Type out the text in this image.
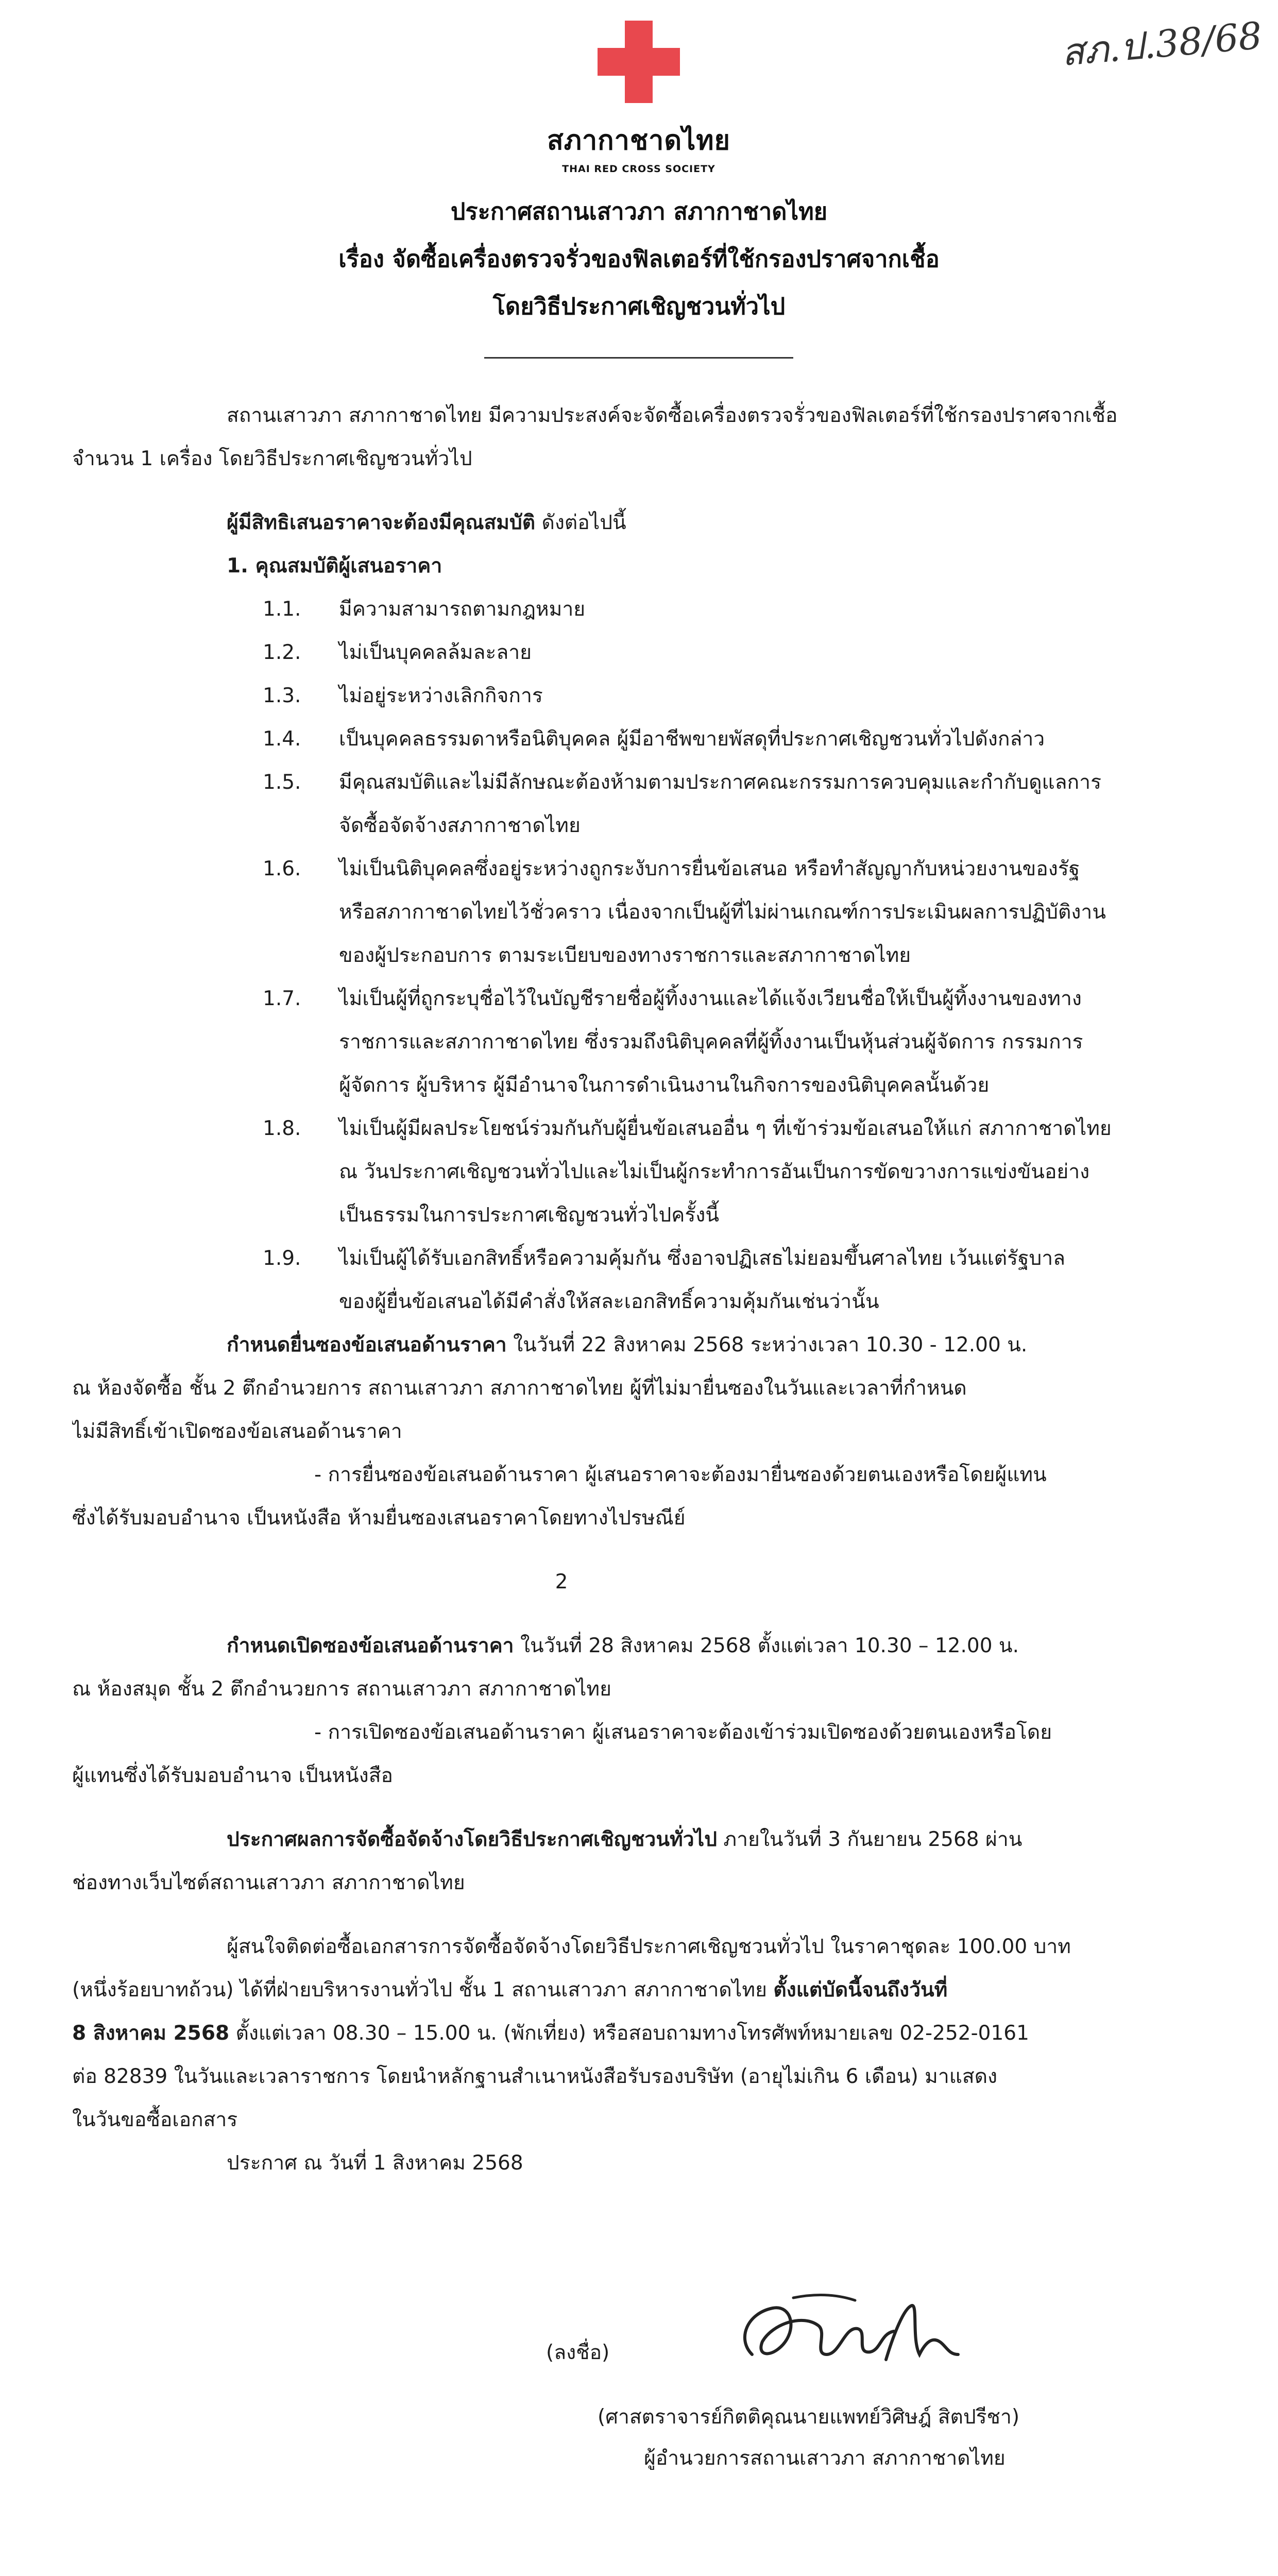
สภ.ป.38/68
สภากาชาดไทย
THAI RED CROSS SOCIETY
ประกาศสถานเสาวภา สภากาชาดไทย
เรื่อง จัดซื้อเครื่องตรวจรั่วของฟิลเตอร์ที่ใช้กรองปราศจากเชื้อ
โดยวิธีประกาศเชิญชวนทั่วไป
สถานเสาวภา สภากาชาดไทย มีความประสงค์จะจัดซื้อเครื่องตรวจรั่วของฟิลเตอร์ที่ใช้กรองปราศจากเชื้อ
จำนวน 1 เครื่อง โดยวิธีประกาศเชิญชวนทั่วไป
ผู้มีสิทธิเสนอราคาจะต้องมีคุณสมบัติ ดังต่อไปนี้
1. คุณสมบัติผู้เสนอราคา
1.1.	มีความสามารถตามกฎหมาย
1.2.	ไม่เป็นบุคคลล้มละลาย
1.3.	ไม่อยู่ระหว่างเลิกกิจการ
1.4.	เป็นบุคคลธรรมดาหรือนิติบุคคล ผู้มีอาชีพขายพัสดุที่ประกาศเชิญชวนทั่วไปดังกล่าว
1.5.	มีคุณสมบัติและไม่มีลักษณะต้องห้ามตามประกาศคณะกรรมการควบคุมและกำกับดูแลการ
จัดซื้อจัดจ้างสภากาชาดไทย
1.6.	ไม่เป็นนิติบุคคลซึ่งอยู่ระหว่างถูกระงับการยื่นข้อเสนอ หรือทำสัญญากับหน่วยงานของรัฐ
หรือสภากาชาดไทยไว้ชั่วคราว เนื่องจากเป็นผู้ที่ไม่ผ่านเกณฑ์การประเมินผลการปฏิบัติงาน
ของผู้ประกอบการ ตามระเบียบของทางราชการและสภากาชาดไทย
1.7.	ไม่เป็นผู้ที่ถูกระบุชื่อไว้ในบัญชีรายชื่อผู้ทิ้งงานและได้แจ้งเวียนชื่อให้เป็นผู้ทิ้งงานของทาง
ราชการและสภากาชาดไทย ซึ่งรวมถึงนิติบุคคลที่ผู้ทิ้งงานเป็นหุ้นส่วนผู้จัดการ กรรมการ
ผู้จัดการ ผู้บริหาร ผู้มีอำนาจในการดำเนินงานในกิจการของนิติบุคคลนั้นด้วย
1.8.	ไม่เป็นผู้มีผลประโยชน์ร่วมกันกับผู้ยื่นข้อเสนออื่น ๆ ที่เข้าร่วมข้อเสนอให้แก่ สภากาชาดไทย
ณ วันประกาศเชิญชวนทั่วไปและไม่เป็นผู้กระทำการอันเป็นการขัดขวางการแข่งขันอย่าง
เป็นธรรมในการประกาศเชิญชวนทั่วไปครั้งนี้
1.9.	ไม่เป็นผู้ได้รับเอกสิทธิ์หรือความคุ้มกัน ซึ่งอาจปฏิเสธไม่ยอมขึ้นศาลไทย เว้นแต่รัฐบาล
ของผู้ยื่นข้อเสนอได้มีคำสั่งให้สละเอกสิทธิ์ความคุ้มกันเช่นว่านั้น
กำหนดยื่นซองข้อเสนอด้านราคา ในวันที่ 22 สิงหาคม 2568 ระหว่างเวลา 10.30 - 12.00 น.
ณ ห้องจัดซื้อ ชั้น 2 ตึกอำนวยการ สถานเสาวภา สภากาชาดไทย ผู้ที่ไม่มายื่นซองในวันและเวลาที่กำหนด
ไม่มีสิทธิ์เข้าเปิดซองข้อเสนอด้านราคา
- การยื่นซองข้อเสนอด้านราคา ผู้เสนอราคาจะต้องมายื่นซองด้วยตนเองหรือโดยผู้แทน
ซึ่งได้รับมอบอำนาจ เป็นหนังสือ ห้ามยื่นซองเสนอราคาโดยทางไปรษณีย์
2
กำหนดเปิดซองข้อเสนอด้านราคา ในวันที่ 28 สิงหาคม 2568 ตั้งแต่เวลา 10.30 – 12.00 น.
ณ ห้องสมุด ชั้น 2 ตึกอำนวยการ สถานเสาวภา สภากาชาดไทย
- การเปิดซองข้อเสนอด้านราคา ผู้เสนอราคาจะต้องเข้าร่วมเปิดซองด้วยตนเองหรือโดย
ผู้แทนซึ่งได้รับมอบอำนาจ เป็นหนังสือ
ประกาศผลการจัดซื้อจัดจ้างโดยวิธีประกาศเชิญชวนทั่วไป ภายในวันที่ 3 กันยายน 2568 ผ่าน
ช่องทางเว็บไซต์สถานเสาวภา สภากาชาดไทย
ผู้สนใจติดต่อซื้อเอกสารการจัดซื้อจัดจ้างโดยวิธีประกาศเชิญชวนทั่วไป ในราคาชุดละ 100.00 บาท
(หนึ่งร้อยบาทถ้วน) ได้ที่ฝ่ายบริหารงานทั่วไป ชั้น 1 สถานเสาวภา สภากาชาดไทย ตั้งแต่บัดนี้จนถึงวันที่
8 สิงหาคม 2568 ตั้งแต่เวลา 08.30 – 15.00 น. (พักเที่ยง) หรือสอบถามทางโทรศัพท์หมายเลข 02-252-0161
ต่อ 82839 ในวันและเวลาราชการ โดยนำหลักฐานสำเนาหนังสือรับรองบริษัท (อายุไม่เกิน 6 เดือน) มาแสดง
ในวันขอซื้อเอกสาร
ประกาศ ณ วันที่ 1 สิงหาคม 2568
(ลงชื่อ)
(ศาสตราจารย์กิตติคุณนายแพทย์วิศิษฎ์ สิตปรีชา)
ผู้อำนวยการสถานเสาวภา สภากาชาดไทย
